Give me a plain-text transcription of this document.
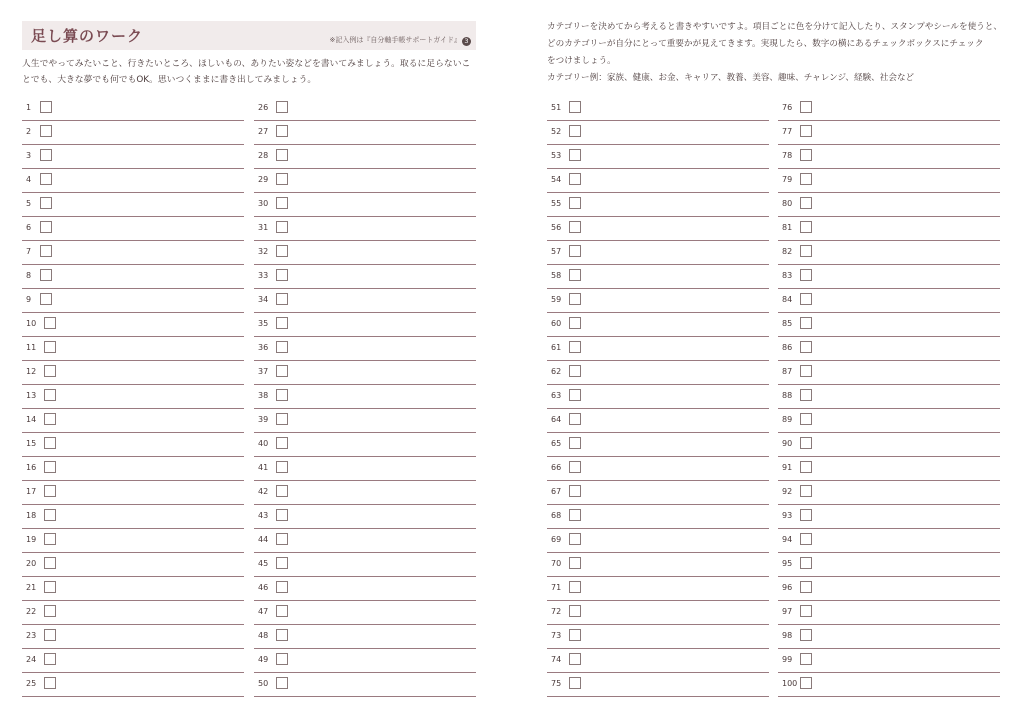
足し算のワーク	※記入例は『自分軸手帳サポートガイド』 3
人生でやってみたいこと、行きたいところ、ほしいもの、ありたい姿などを書いてみましょう。取るに足らないこ
とでも、大きな夢でも何でもOK。思いつくままに書き出してみましょう。
1
2
3
4
5
6
7
8
9
10
11
12
13
14
15
16
17
18
19
20
21
22
23
24
25
26
27
28
29
30
31
32
33
34
35
36
37
38
39
40
41
42
43
44
45
46
47
48
49
50
カテゴリーを決めてから考えると書きやすいですよ。項目ごとに色を分けて記入したり、スタンプやシールを使うと、
どのカテゴリーが自分にとって重要かが見えてきます。実現したら、数字の横にあるチェックボックスにチェック
をつけましょう。
カテゴリー例：家族、健康、お金、キャリア、教養、美容、趣味、チャレンジ、経験、社会など
51
52
53
54
55
56
57
58
59
60
61
62
63
64
65
66
67
68
69
70
71
72
73
74
75
76
77
78
79
80
81
82
83
84
85
86
87
88
89
90
91
92
93
94
95
96
97
98
99
100
